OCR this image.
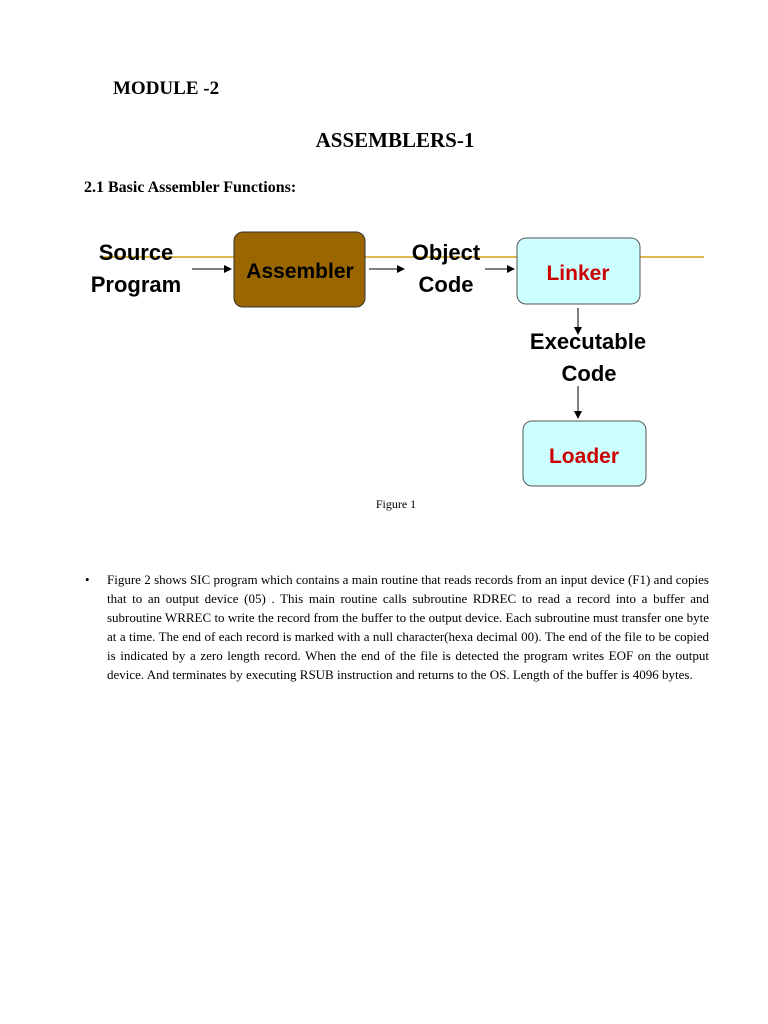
MODULE -2
ASSEMBLERS-1
2.1 Basic Assembler Functions:
Source
Program
Assembler
Object
Code	Linker
Executable
Code
Loader
Figure 1
• Figure 2 shows SIC program which contains a main routine that reads records from an input device (F1) and copies that to an output device (05) . This main routine calls subroutine RDREC to read a record into a buffer and subroutine WRREC to write the record from the buffer to the output device. Each subroutine must transfer one byte at a time. The end of each record is marked with a null character(hexa decimal 00). The end of the file to be copied is indicated by a zero length record. When the end of the file is detected the program writes EOF on the output device. And terminates by executing RSUB instruction and returns to the OS. Length of the buffer is 4096 bytes.
